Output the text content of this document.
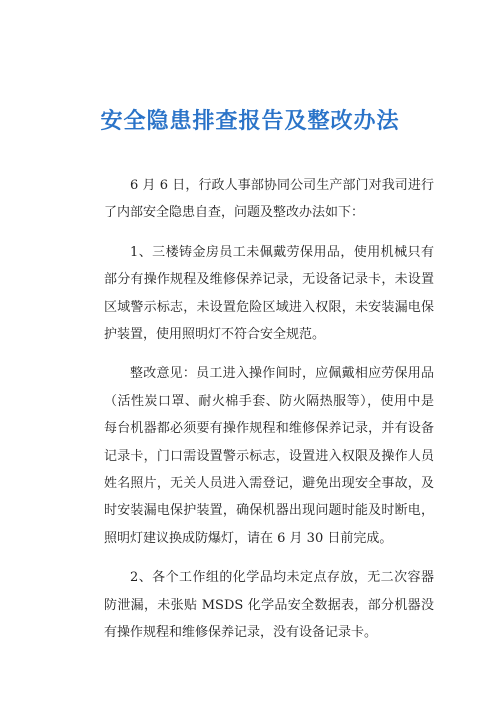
安全隐患排查报告及整改办法

6 月 6 日，行政人事部协同公司生产部门对我司进行了内部安全隐患自查，问题及整改办法如下：

1、三楼铸金房员工未佩戴劳保用品，使用机械只有部分有操作规程及维修保养记录，无设备记录卡，未设置区域警示标志，未设置危险区域进入权限，未安装漏电保护装置，使用照明灯不符合安全规范。

整改意见：员工进入操作间时，应佩戴相应劳保用品（活性炭口罩、耐火棉手套、防火隔热服等），使用中是每台机器都必须要有操作规程和维修保养记录，并有设备记录卡，门口需设置警示标志，设置进入权限及操作人员姓名照片，无关人员进入需登记，避免出现安全事故，及时安装漏电保护装置，确保机器出现问题时能及时断电，照明灯建议换成防爆灯，请在 6 月 30 日前完成。

2、各个工作组的化学品均未定点存放，无二次容器防泄漏，未张贴 MSDS 化学品安全数据表，部分机器没有操作规程和维修保养记录，没有设备记录卡。
